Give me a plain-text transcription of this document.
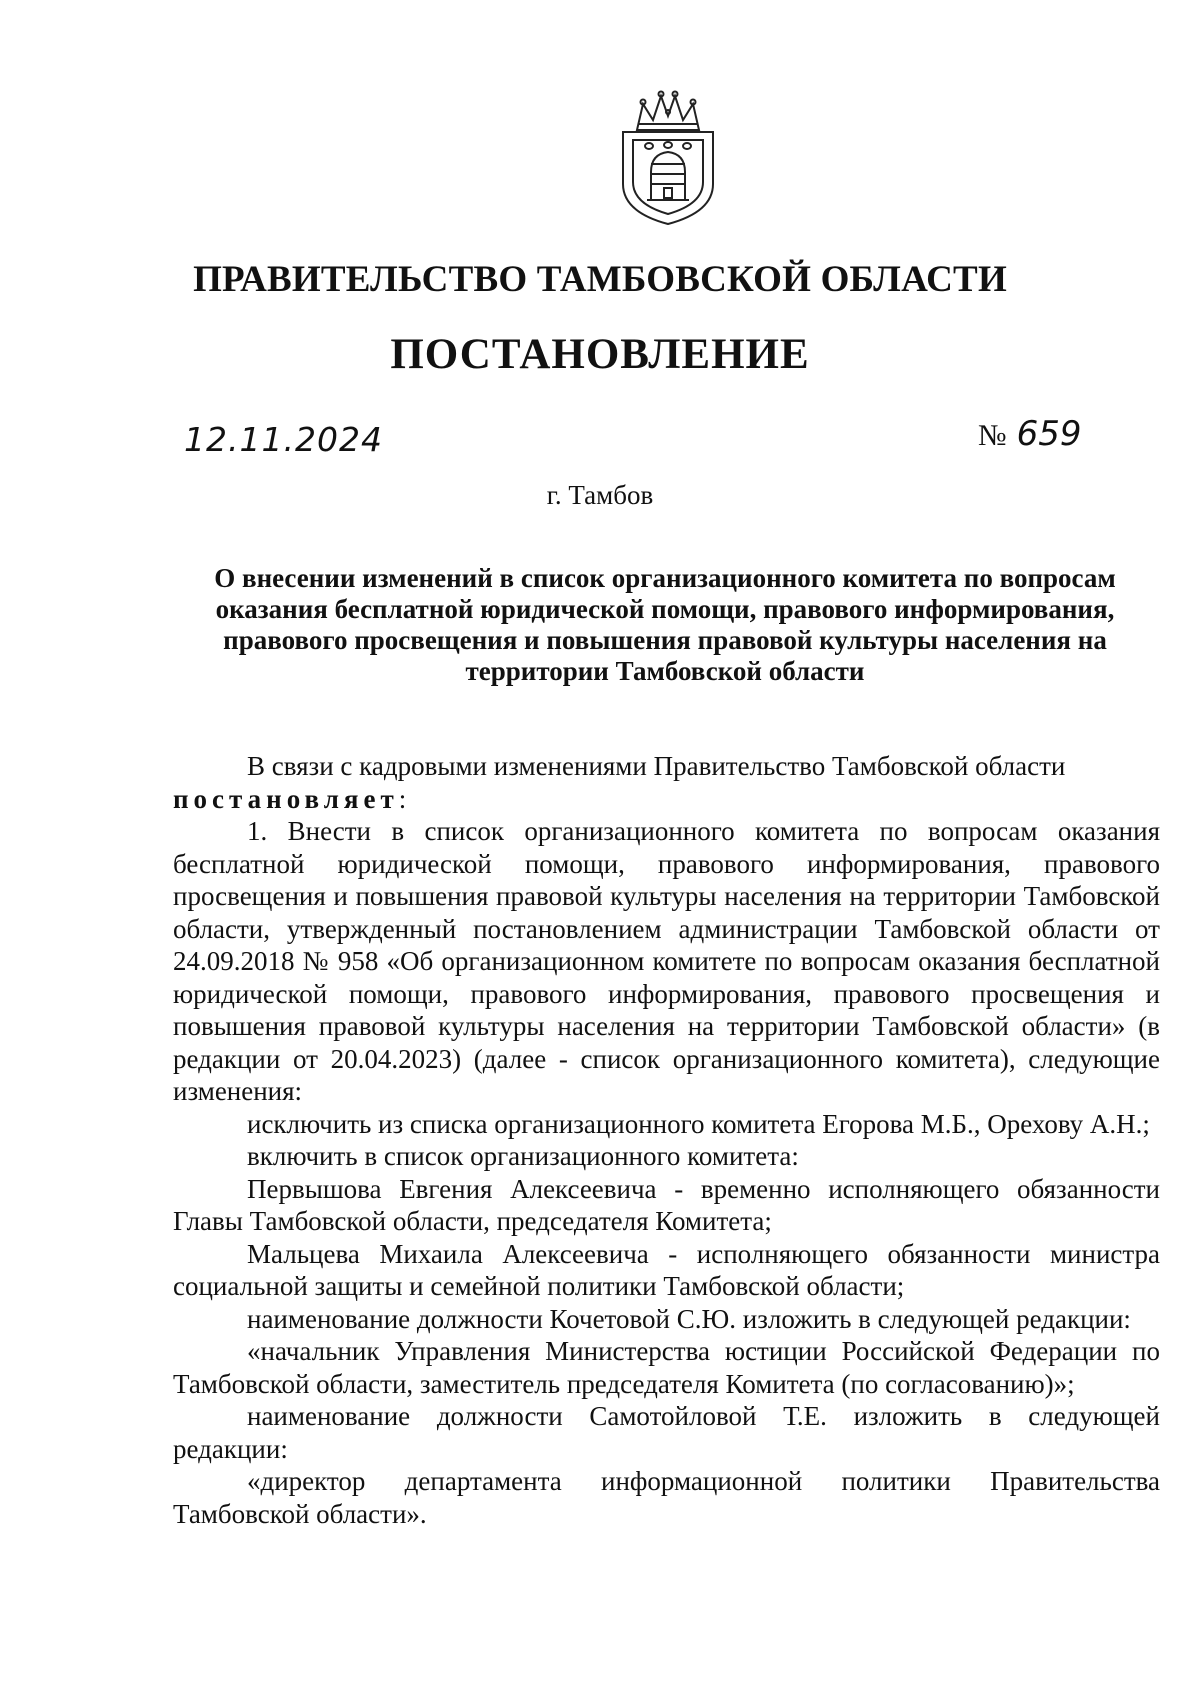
ПРАВИТЕЛЬСТВО ТАМБОВСКОЙ ОБЛАСТИ
ПОСТАНОВЛЕНИЕ
12.11.2024	№ 659
г. Тамбов
О внесении изменений в список организационного комитета по вопросам оказания бесплатной юридической помощи, правового информирования, правового просвещения и повышения правовой культуры населения на территории Тамбовской области

В связи с кадровыми изменениями Правительство Тамбовской области

постановляет:

1. Внести в список организационного комитета по вопросам оказания бесплатной юридической помощи, правового информирования, правового просвещения и повышения правовой культуры населения на территории Тамбовской области, утвержденный постановлением администрации Тамбовской области от 24.09.2018 № 958 «Об организационном комитете по вопросам оказания бесплатной юридической помощи, правового информирования, правового просвещения и повышения правовой культуры населения на территории Тамбовской области» (в редакции от 20.04.2023) (далее - список организационного комитета), следующие изменения:

исключить из списка организационного комитета Егорова М.Б., Орехову А.Н.;

включить в список организационного комитета:

Первышова Евгения Алексеевича - временно исполняющего обязанности Главы Тамбовской области, председателя Комитета;

Мальцева Михаила Алексеевича - исполняющего обязанности министра социальной защиты и семейной политики Тамбовской области;

наименование должности Кочетовой С.Ю. изложить в следующей редакции:

«начальник Управления Министерства юстиции Российской Федерации по Тамбовской области, заместитель председателя Комитета (по согласованию)»;

наименование должности Самотойловой Т.Е. изложить в следующей редакции:

«директор департамента информационной политики Правительства Тамбовской области».
